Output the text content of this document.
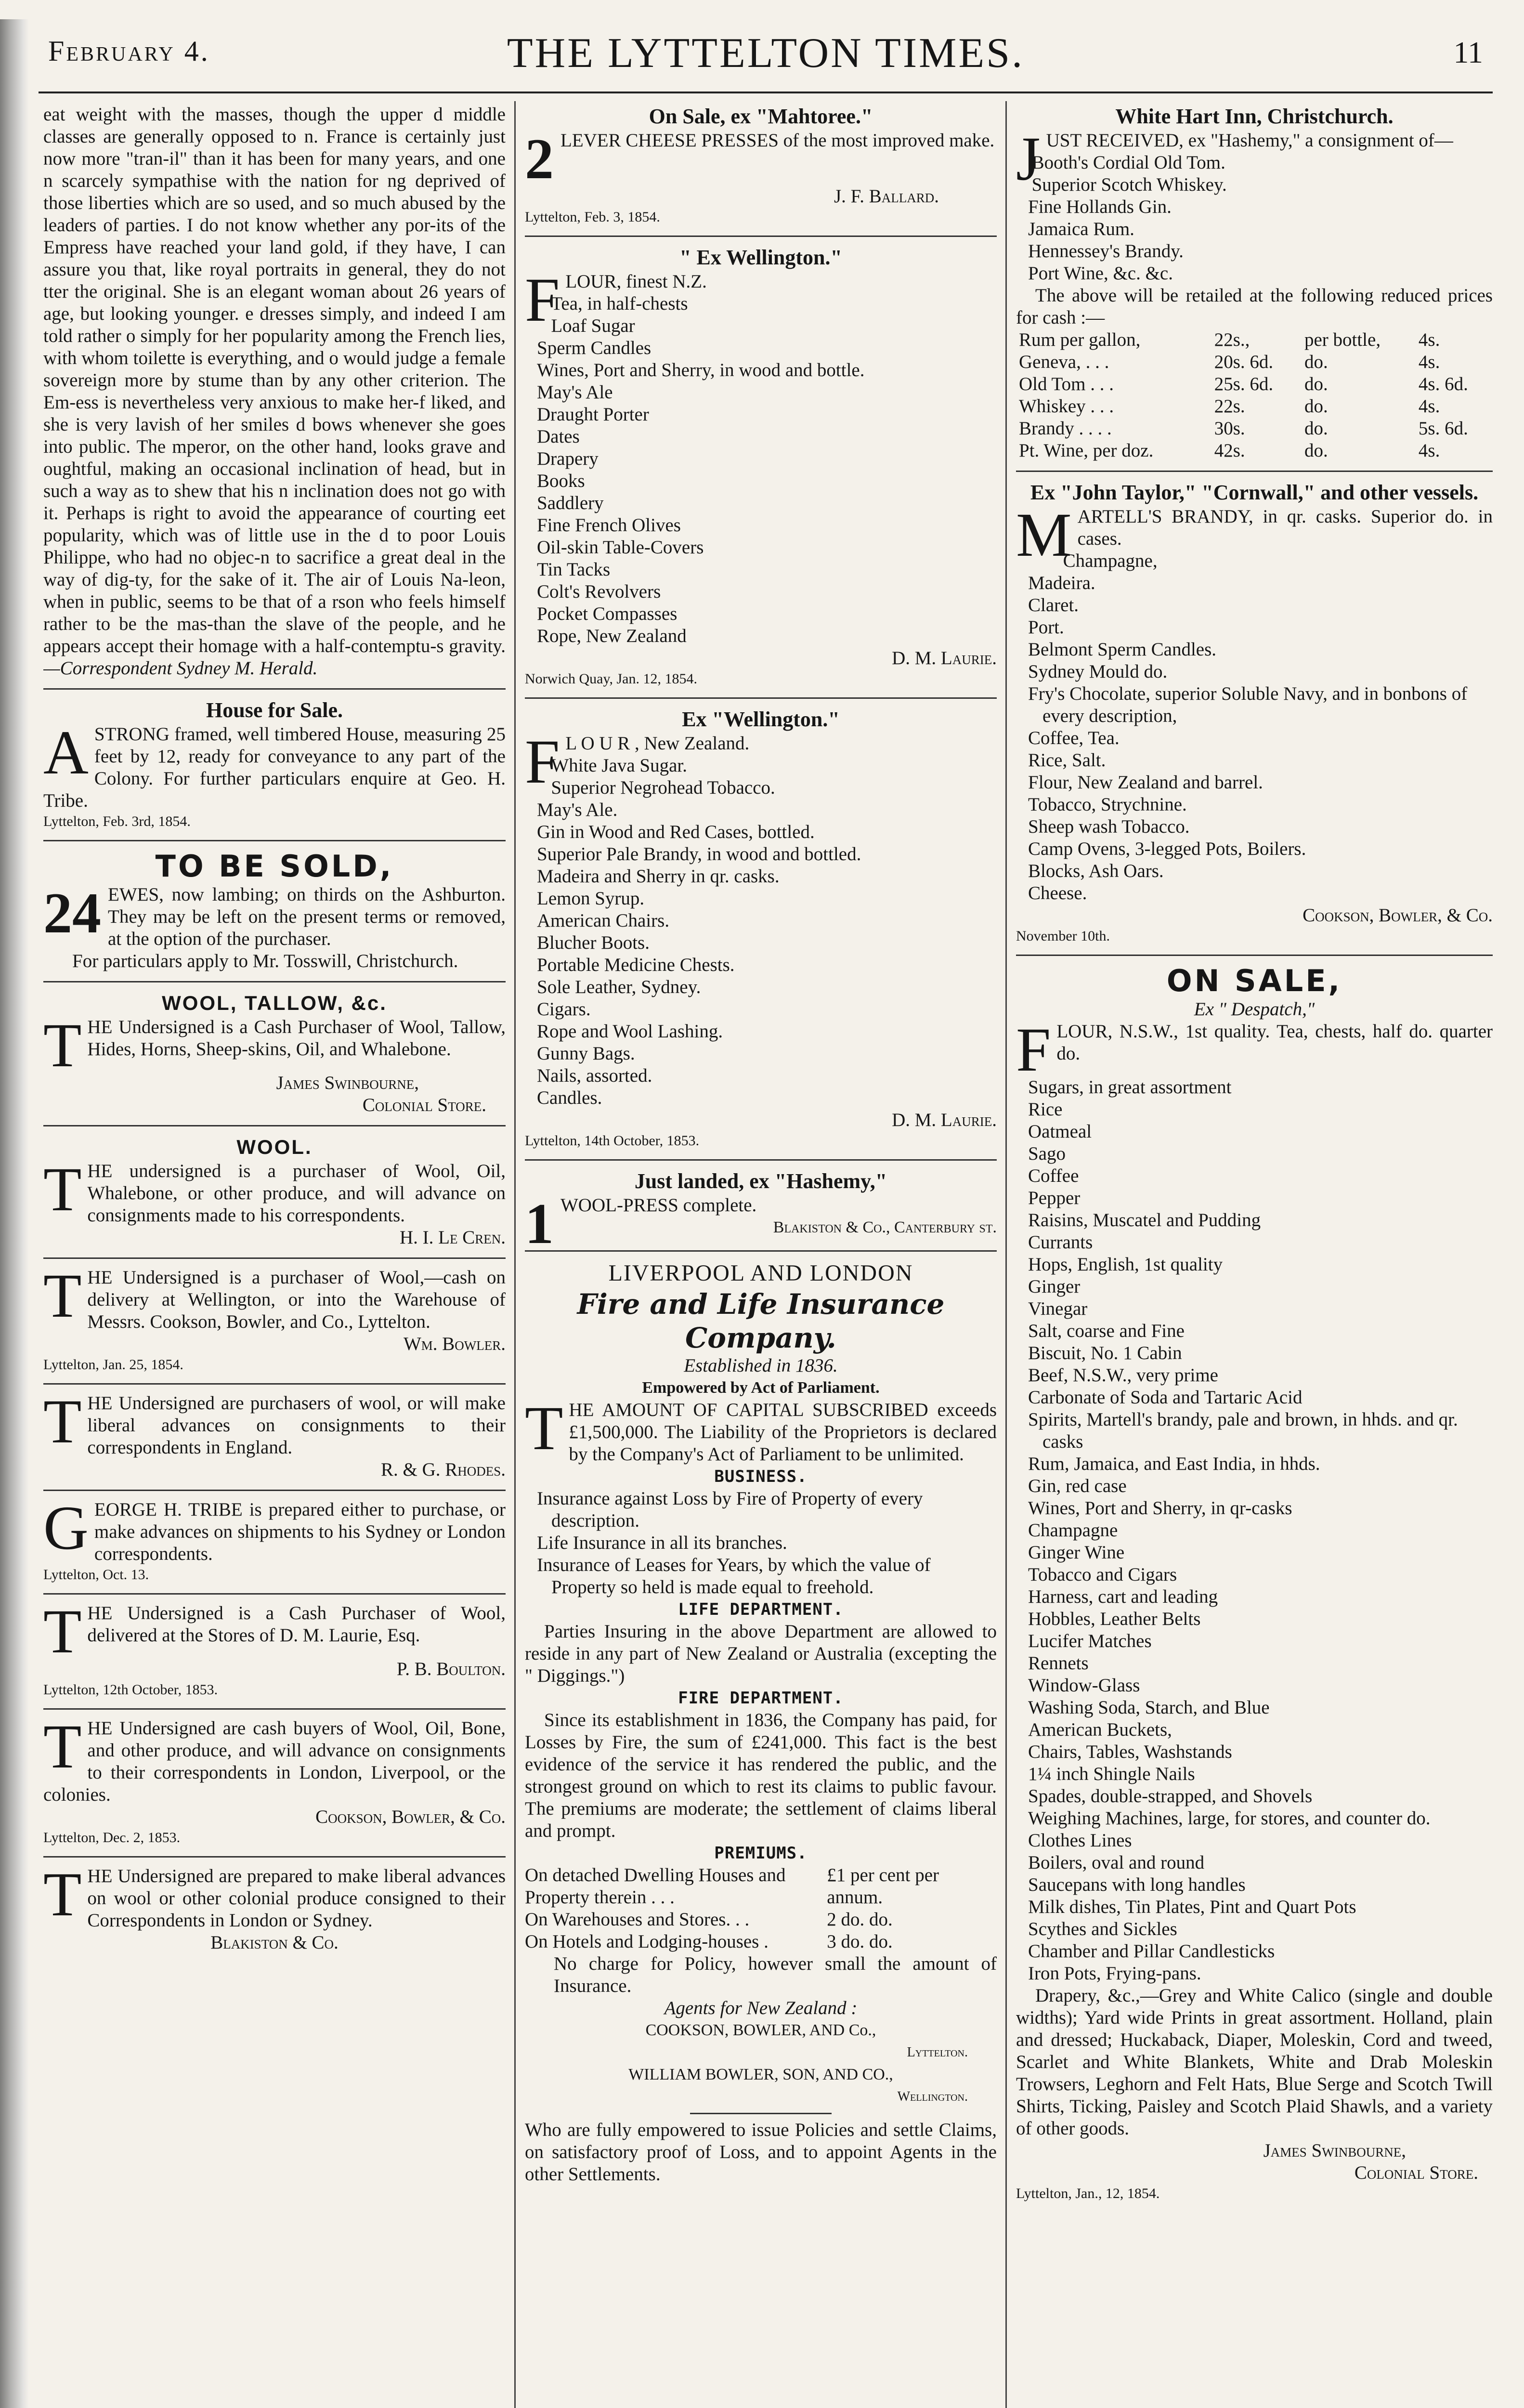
February 4.	THE LYTTELTON TIMES.	11
eat weight with the masses, though the upper d middle classes are generally opposed to n. France is certainly just now more "tran-il" than it has been for many years, and one n scarcely sympathise with the nation for ng deprived of those liberties which are so used, and so much abused by the leaders of parties. I do not know whether any por-its of the Empress have reached your land gold, if they have, I can assure you that, like royal portraits in general, they do not tter the original. She is an elegant woman about 26 years of age, but looking younger. e dresses simply, and indeed I am told rather o simply for her popularity among the French lies, with whom toilette is everything, and o would judge a female sovereign more by stume than by any other criterion. The Em-ess is nevertheless very anxious to make her-f liked, and she is very lavish of her smiles d bows whenever she goes into public. The mperor, on the other hand, looks grave and oughtful, making an occasional inclination of head, but in such a way as to shew that his n inclination does not go with it. Perhaps is right to avoid the appearance of courting eet popularity, which was of little use in the d to poor Louis Philippe, who had no objec-n to sacrifice a great deal in the way of dig-ty, for the sake of it. The air of Louis Na-leon, when in public, seems to be that of a rson who feels himself rather to be the mas-than the slave of the people, and he appears accept their homage with a half-contemptu-s gravity.—Correspondent Sydney M. Herald.
House for Sale.
ASTRONG framed, well timbered House, measuring 25 feet by 12, ready for conveyance to any part of the Colony. For further particulars enquire at Geo. H. Tribe.
Lyttelton, Feb. 3rd, 1854.
TO BE SOLD,
24 EWES, now lambing; on thirds on the Ashburton. They may be left on the present terms or removed, at the option of the purchaser.
For particulars apply to Mr. Tosswill, Christchurch.
WOOL, TALLOW, &c.
THE Undersigned is a Cash Purchaser of Wool, Tallow, Hides, Horns, Sheep-skins, Oil, and Whalebone.
James Swinbourne,
Colonial Store.
WOOL.
THE undersigned is a purchaser of Wool, Oil, Whalebone, or other produce, and will advance on consignments made to his correspondents.
H. I. Le Cren.
THE Undersigned is a purchaser of Wool,—cash on delivery at Wellington, or into the Warehouse of Messrs. Cookson, Bowler, and Co., Lyttelton.
Wm. Bowler.
Lyttelton, Jan. 25, 1854.
THE Undersigned are purchasers of wool, or will make liberal advances on consignments to their correspondents in England.
R. & G. Rhodes.
GEORGE H. TRIBE is prepared either to purchase, or make advances on shipments to his Sydney or London correspondents.
Lyttelton, Oct. 13.
THE Undersigned is a Cash Purchaser of Wool, delivered at the Stores of D. M. Laurie, Esq.
P. B. Boulton.
Lyttelton, 12th October, 1853.
THE Undersigned are cash buyers of Wool, Oil, Bone, and other produce, and will advance on consignments to their correspondents in London, Liverpool, or the colonies.
Cookson, Bowler, & Co.
Lyttelton, Dec. 2, 1853.
THE Undersigned are prepared to make liberal advances on wool or other colonial produce consigned to their Correspondents in London or Sydney.
Blakiston & Co.
On Sale, ex "Mahtoree."
2 LEVER CHEESE PRESSES of the most improved make.
J. F. Ballard.
Lyttelton, Feb. 3, 1854.
" Ex Wellington."
FLOUR, finest N.Z.
Tea, in half-chests
Loaf Sugar
Sperm Candles
Wines, Port and Sherry, in wood and bottle.
May's Ale
Draught Porter
Dates
Drapery
Books
Saddlery
Fine French Olives
Oil-skin Table-Covers
Tin Tacks
Colt's Revolvers
Pocket Compasses
Rope, New Zealand
D. M. Laurie.
Norwich Quay, Jan. 12, 1854.
Ex "Wellington."
F L O U R , New Zealand.
White Java Sugar.
Superior Negrohead Tobacco.
May's Ale.
Gin in Wood and Red Cases, bottled.
Superior Pale Brandy, in wood and bottled.
Madeira and Sherry in qr. casks.
Lemon Syrup.
American Chairs.
Blucher Boots.
Portable Medicine Chests.
Sole Leather, Sydney.
Cigars.
Rope and Wool Lashing.
Gunny Bags.
Nails, assorted.
Candles.
D. M. Laurie.
Lyttelton, 14th October, 1853.
Just landed, ex "Hashemy,"
1 WOOL-PRESS complete.
Blakiston & Co., Canterbury st.
LIVERPOOL AND LONDON
Fire and Life Insurance Company.
Established in 1836.
Empowered by Act of Parliament.
THE AMOUNT OF CAPITAL SUBSCRIBED exceeds £1,500,000. The Liability of the Proprietors is declared by the Company's Act of Parliament to be unlimited.
BUSINESS.
Insurance against Loss by Fire of Property of every description.
Life Insurance in all its branches.
Insurance of Leases for Years, by which the value of Property so held is made equal to freehold.
LIFE DEPARTMENT.
Parties Insuring in the above Department are allowed to reside in any part of New Zealand or Australia (excepting the " Diggings.")
FIRE DEPARTMENT.
Since its establishment in 1836, the Company has paid, for Losses by Fire, the sum of £241,000. This fact is the best evidence of the service it has rendered the public, and the strongest ground on which to rest its claims to public favour. The premiums are moderate; the settlement of claims liberal and prompt.
PREMIUMS.
On detached Dwelling Houses and Property therein . . .
£1 per cent per annum.
On Warehouses and Stores. . .	2 do. do.
On Hotels and Lodging-houses .	3 do. do.
No charge for Policy, however small the amount of Insurance.
Agents for New Zealand :
COOKSON, BOWLER, AND Co.,
Lyttelton.
WILLIAM BOWLER, SON, AND CO.,
Wellington.
Who are fully empowered to issue Policies and settle Claims, on satisfactory proof of Loss, and to appoint Agents in the other Settlements.
White Hart Inn, Christchurch.
JUST RECEIVED, ex "Hashemy," a consignment of—
Booth's Cordial Old Tom.
Superior Scotch Whiskey.
Fine Hollands Gin.
Jamaica Rum.
Hennessey's Brandy.
Port Wine, &c. &c.
The above will be retailed at the following reduced prices for cash :—
Rum per gallon,	22s.,	per bottle,	4s.
Geneva, . . .	20s. 6d.	do.	4s.
Old Tom . . .	25s. 6d.	do.	4s. 6d.
Whiskey . . .	22s.	do.	4s.
Brandy . . . .	30s.	do.	5s. 6d.
Pt. Wine, per doz.	42s.	do.	4s.
Ex "John Taylor," "Cornwall," and other vessels.
MARTELL'S BRANDY, in qr. casks. Superior do. in cases.
Champagne,
Madeira.
Claret.
Port.
Belmont Sperm Candles.
Sydney Mould do.
Fry's Chocolate, superior Soluble Navy, and in bonbons of every description,
Coffee, Tea.
Rice, Salt.
Flour, New Zealand and barrel.
Tobacco, Strychnine.
Sheep wash Tobacco.
Camp Ovens, 3-legged Pots, Boilers.
Blocks, Ash Oars.
Cheese.
Cookson, Bowler, & Co.
November 10th.
ON SALE,
Ex " Despatch,"
FLOUR, N.S.W., 1st quality. Tea, chests, half do. quarter do.
Sugars, in great assortment
Rice
Oatmeal
Sago
Coffee
Pepper
Raisins, Muscatel and Pudding
Currants
Hops, English, 1st quality
Ginger
Vinegar
Salt, coarse and Fine
Biscuit, No. 1 Cabin
Beef, N.S.W., very prime
Carbonate of Soda and Tartaric Acid
Spirits, Martell's brandy, pale and brown, in hhds. and qr. casks
Rum, Jamaica, and East India, in hhds.
Gin, red case
Wines, Port and Sherry, in qr-casks
Champagne
Ginger Wine
Tobacco and Cigars
Harness, cart and leading
Hobbles, Leather Belts
Lucifer Matches
Rennets
Window-Glass
Washing Soda, Starch, and Blue
American Buckets,
Chairs, Tables, Washstands
1¼ inch Shingle Nails
Spades, double-strapped, and Shovels
Weighing Machines, large, for stores, and counter do.
Clothes Lines
Boilers, oval and round
Saucepans with long handles
Milk dishes, Tin Plates, Pint and Quart Pots
Scythes and Sickles
Chamber and Pillar Candlesticks
Iron Pots, Frying-pans.
Drapery, &c.,—Grey and White Calico (single and double widths); Yard wide Prints in great assortment. Holland, plain and dressed; Huckaback, Diaper, Moleskin, Cord and tweed, Scarlet and White Blankets, White and Drab Moleskin Trowsers, Leghorn and Felt Hats, Blue Serge and Scotch Twill Shirts, Ticking, Paisley and Scotch Plaid Shawls, and a variety of other goods.
James Swinbourne,
Colonial Store.
Lyttelton, Jan., 12, 1854.
